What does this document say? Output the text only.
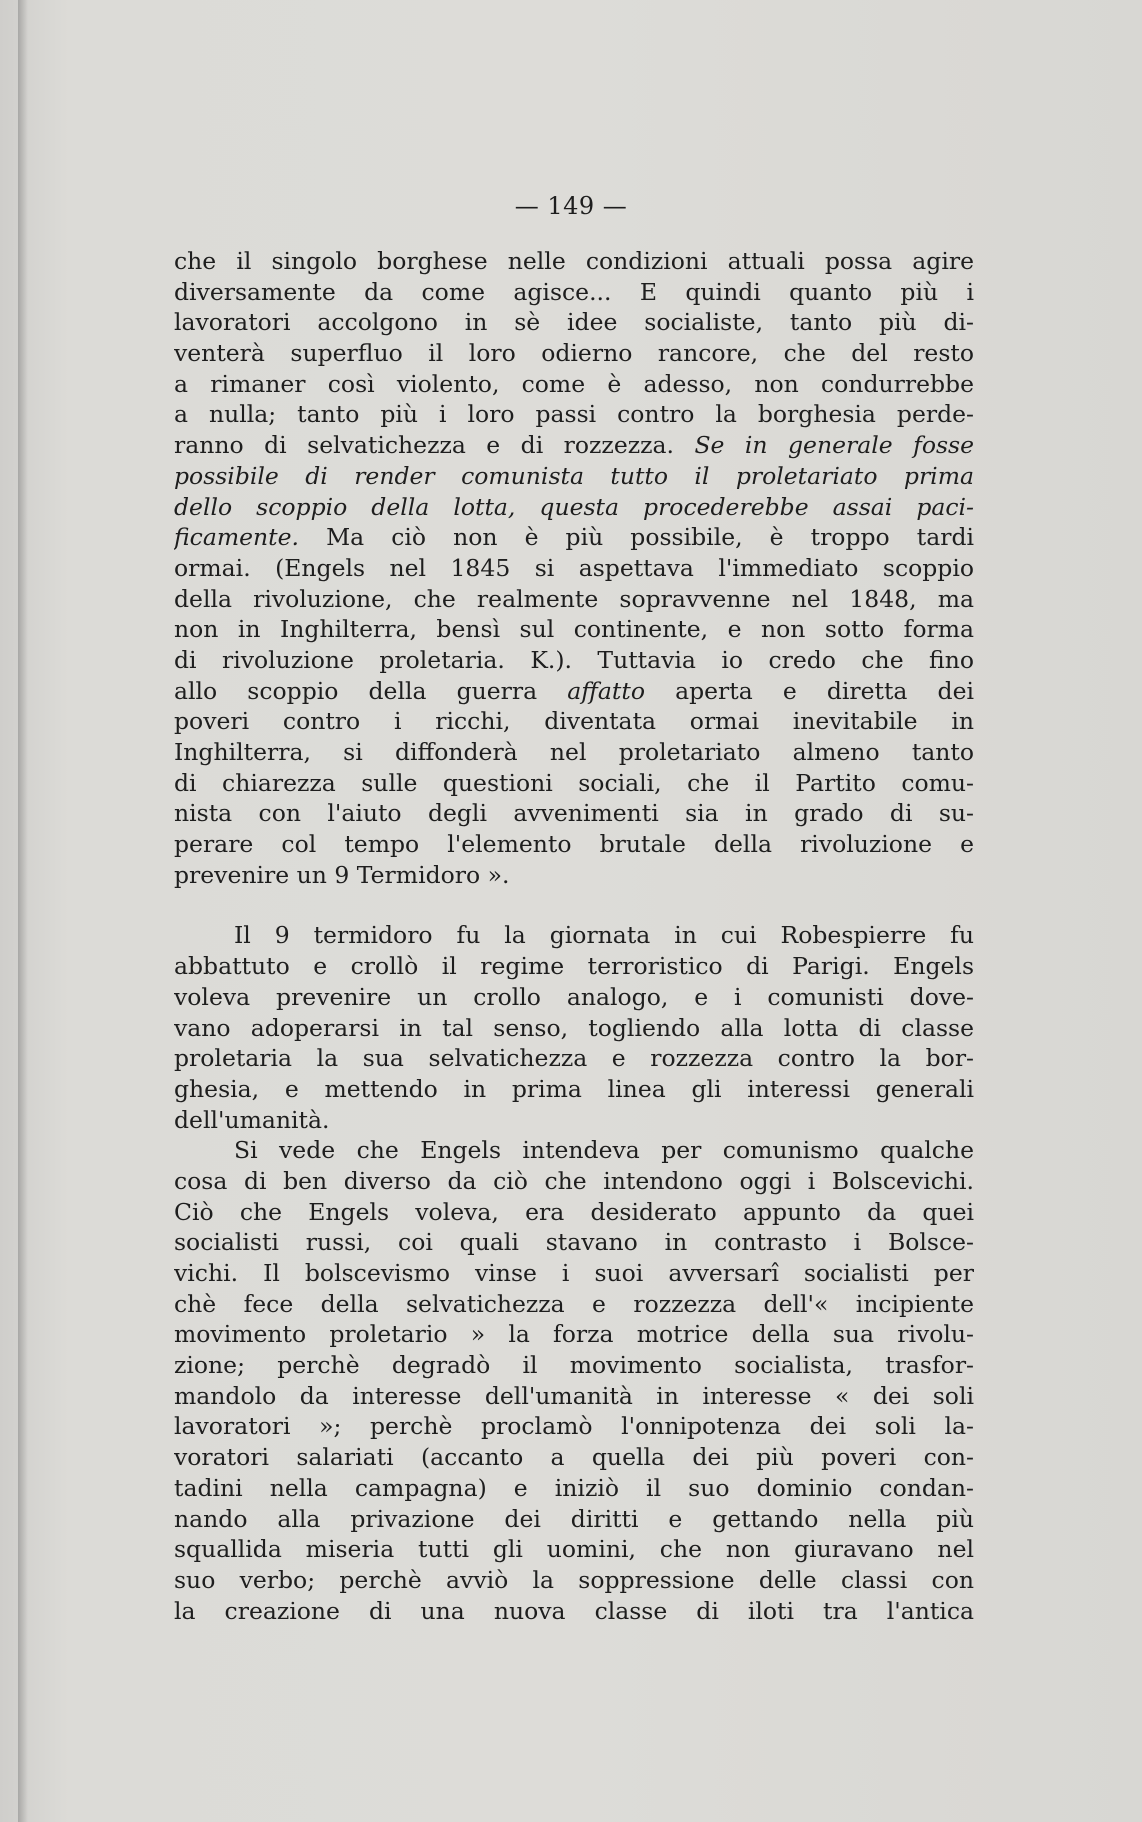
— 149 —
che il singolo borghese nelle condizioni attuali possa agire
diversamente da come agisce... E quindi quanto più i
lavoratori accolgono in sè idee socialiste, tanto più di-
venterà superfluo il loro odierno rancore, che del resto
a rimaner così violento, come è adesso, non condurrebbe
a nulla; tanto più i loro passi contro la borghesia perde-
ranno di selvatichezza e di rozzezza. Se in generale fosse
possibile di render comunista tutto il proletariato prima
dello scoppio della lotta, questa procederebbe assai paci-
ficamente. Ma ciò non è più possibile, è troppo tardi
ormai. (Engels nel 1845 si aspettava l'immediato scoppio
della rivoluzione, che realmente sopravvenne nel 1848, ma
non in Inghilterra, bensì sul continente, e non sotto forma
di rivoluzione proletaria. K.). Tuttavia io credo che fino
allo scoppio della guerra affatto aperta e diretta dei
poveri contro i ricchi, diventata ormai inevitabile in
Inghilterra, si diffonderà nel proletariato almeno tanto
di chiarezza sulle questioni sociali, che il Partito comu-
nista con l'aiuto degli avvenimenti sia in grado di su-
perare col tempo l'elemento brutale della rivoluzione e
prevenire un 9 Termidoro ».
Il 9 termidoro fu la giornata in cui Robespierre fu
abbattuto e crollò il regime terroristico di Parigi. Engels
voleva prevenire un crollo analogo, e i comunisti dove-
vano adoperarsi in tal senso, togliendo alla lotta di classe
proletaria la sua selvatichezza e rozzezza contro la bor-
ghesia, e mettendo in prima linea gli interessi generali
dell'umanità.
Si vede che Engels intendeva per comunismo qualche
cosa di ben diverso da ciò che intendono oggi i Bolscevichi.
Ciò che Engels voleva, era desiderato appunto da quei
socialisti russi, coi quali stavano in contrasto i Bolsce-
vichi. Il bolscevismo vinse i suoi avversarî socialisti per
chè fece della selvatichezza e rozzezza dell'« incipiente
movimento proletario » la forza motrice della sua rivolu-
zione; perchè degradò il movimento socialista, trasfor-
mandolo da interesse dell'umanità in interesse « dei soli
lavoratori »; perchè proclamò l'onnipotenza dei soli la-
voratori salariati (accanto a quella dei più poveri con-
tadini nella campagna) e iniziò il suo dominio condan-
nando alla privazione dei diritti e gettando nella più
squallida miseria tutti gli uomini, che non giuravano nel
suo verbo; perchè avviò la soppressione delle classi con
la creazione di una nuova classe di iloti tra l'antica
